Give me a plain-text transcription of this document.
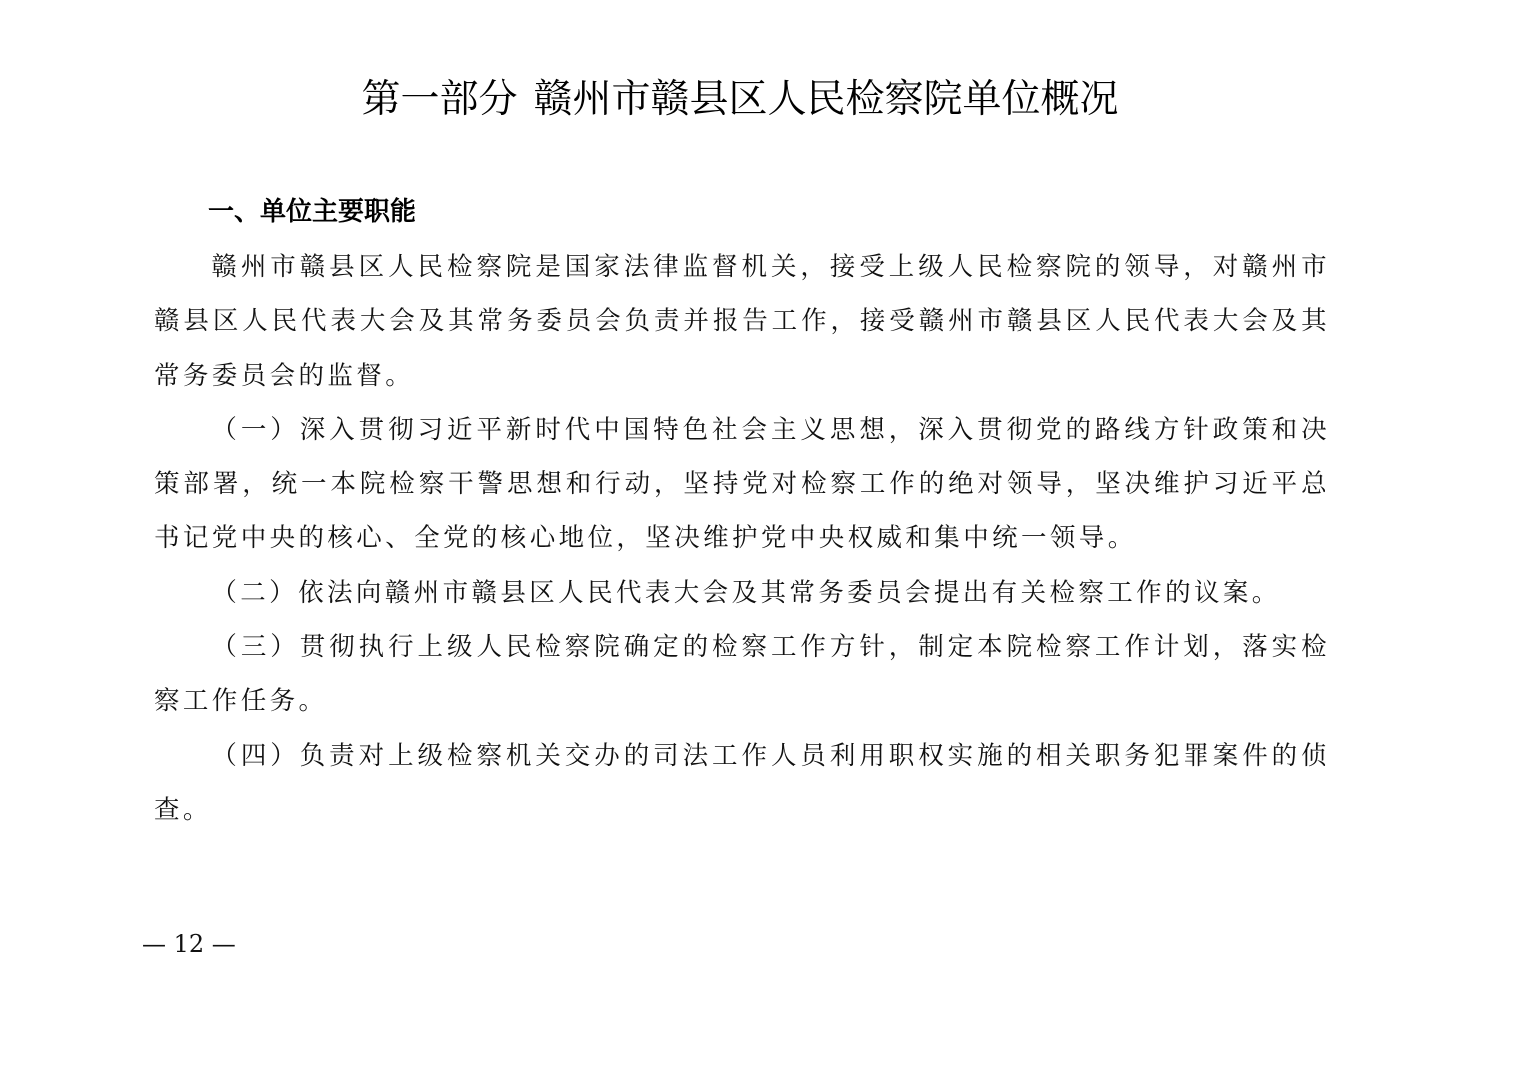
第一部分 赣州市赣县区人民检察院单位概况
一、单位主要职能

赣州市赣县区人民检察院是国家法律监督机关，接受上级人民检察院的领导，对赣州市赣县区人民代表大会及其常务委员会负责并报告工作，接受赣州市赣县区人民代表大会及其常务委员会的监督。

（一）深入贯彻习近平新时代中国特色社会主义思想，深入贯彻党的路线方针政策和决策部署，统一本院检察干警思想和行动，坚持党对检察工作的绝对领导，坚决维护习近平总书记党中央的核心、全党的核心地位，坚决维护党中央权威和集中统一领导。

（二）依法向赣州市赣县区人民代表大会及其常务委员会提出有关检察工作的议案。

（三）贯彻执行上级人民检察院确定的检察工作方针，制定本院检察工作计划，落实检察工作任务。

（四）负责对上级检察机关交办的司法工作人员利用职权实施的相关职务犯罪案件的侦查。

— 12 —
